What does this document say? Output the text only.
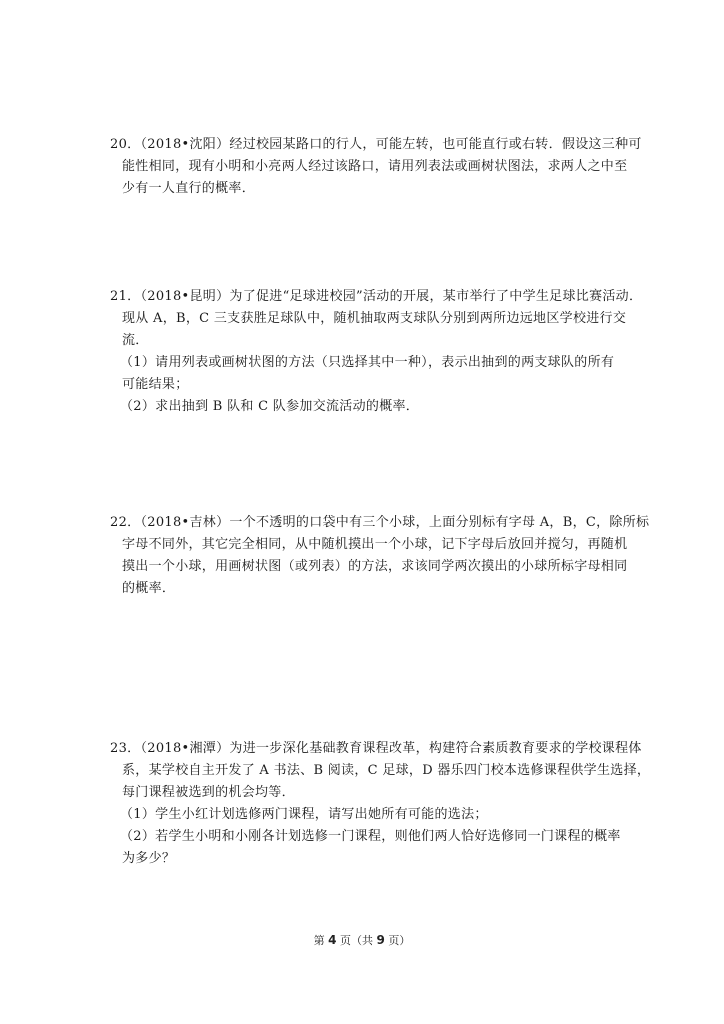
20．（2018•沈阳）经过校园某路口的行人，可能左转，也可能直行或右转．假设这三种可
能性相同，现有小明和小亮两人经过该路口，请用列表法或画树状图法，求两人之中至
少有一人直行的概率．
21．（2018•昆明）为了促进“足球进校园”活动的开展，某市举行了中学生足球比赛活动．
现从 A，B，C 三支获胜足球队中，随机抽取两支球队分别到两所边远地区学校进行交
流．
（1）请用列表或画树状图的方法（只选择其中一种），表示出抽到的两支球队的所有
可能结果；
（2）求出抽到 B 队和 C 队参加交流活动的概率．
22．（2018•吉林）一个不透明的口袋中有三个小球，上面分别标有字母 A，B，C，除所标
字母不同外，其它完全相同，从中随机摸出一个小球，记下字母后放回并搅匀，再随机
摸出一个小球，用画树状图（或列表）的方法，求该同学两次摸出的小球所标字母相同
的概率．
23．（2018•湘潭）为进一步深化基础教育课程改革，构建符合素质教育要求的学校课程体
系，某学校自主开发了 A 书法、B 阅读，C 足球，D 器乐四门校本选修课程供学生选择，
每门课程被选到的机会均等．
（1）学生小红计划选修两门课程，请写出她所有可能的选法；
（2）若学生小明和小刚各计划选修一门课程，则他们两人恰好选修同一门课程的概率
为多少？
第 4 页（共 9 页）
